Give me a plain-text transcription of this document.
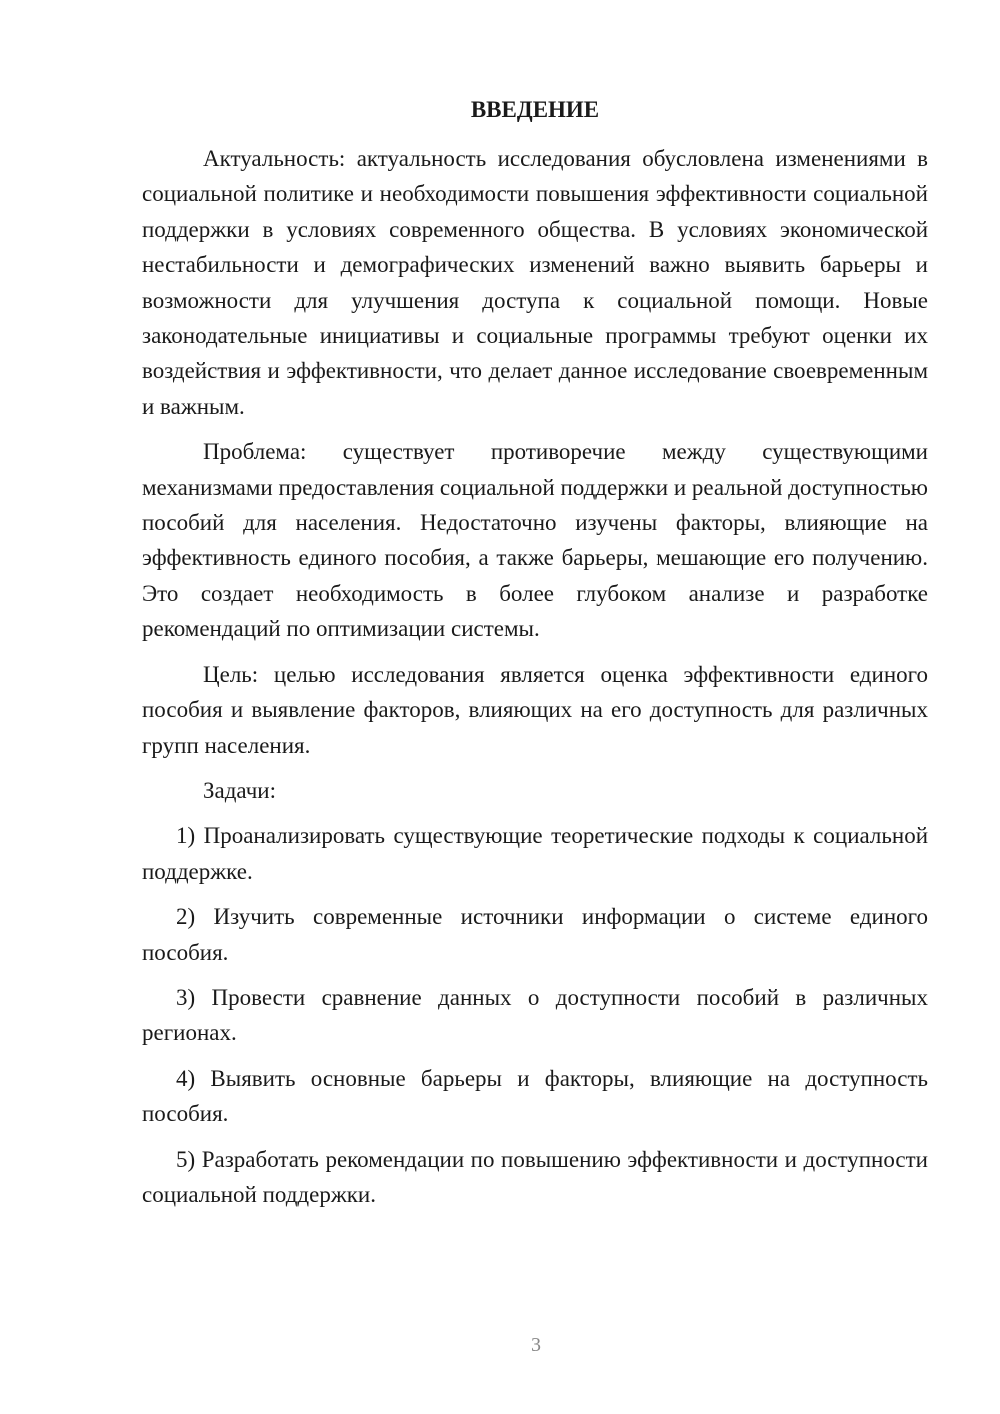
ВВЕДЕНИЕ

Актуальность: актуальность исследования обусловлена изменениями в социальной политике и необходимости повышения эффективности социальной поддержки в условиях современного общества. В условиях экономической нестабильности и демографических изменений важно выявить барьеры и возможности для улучшения доступа к социальной помощи. Новые законодательные инициативы и социальные программы требуют оценки их воздействия и эффективности, что делает данное исследование своевременным и важным.

Проблема: существует противоречие между существующими механизмами предоставления социальной поддержки и реальной доступностью пособий для населения. Недостаточно изучены факторы, влияющие на эффективность единого пособия, а также барьеры, мешающие его получению. Это создает необходимость в более глубоком анализе и разработке рекомендаций по оптимизации системы.

Цель: целью исследования является оценка эффективности единого пособия и выявление факторов, влияющих на его доступность для различных групп населения.

Задачи:

1) Проанализировать существующие теоретические подходы к социальной поддержке.

2) Изучить современные источники информации о системе единого пособия.

3) Провести сравнение данных о доступности пособий в различных регионах.

4) Выявить основные барьеры и факторы, влияющие на доступность пособия.

5) Разработать рекомендации по повышению эффективности и доступности социальной поддержки.

3
